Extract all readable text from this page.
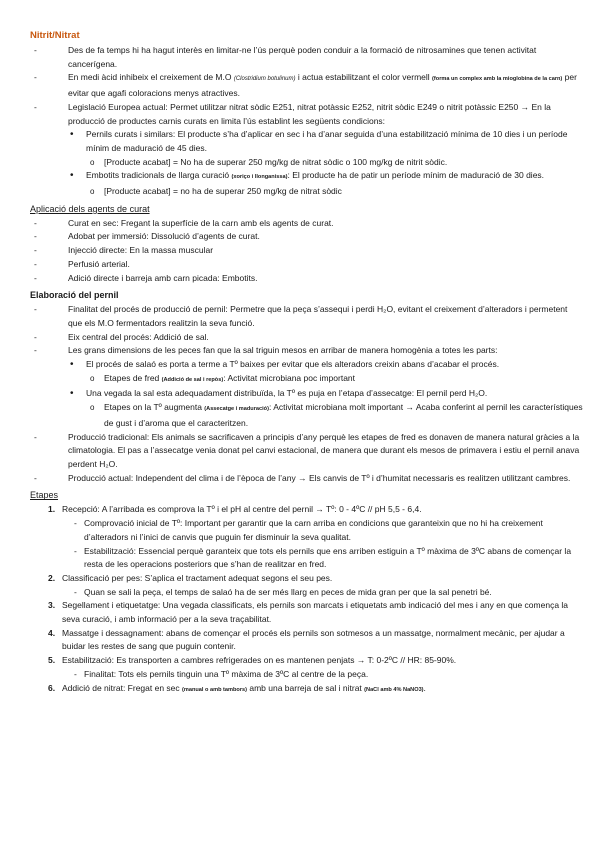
Nitrit/Nitrat
-	Des de fa temps hi ha hagut interès en limitar-ne l’ús perquè poden conduir a la formació de nitrosamines que tenen activitat cancerígena.
-	En medi àcid inhibeix el creixement de M.O (Clostridium botulinum) i actua estabilitzant el color vermell (forma un complex amb la mioglobina de la carn) per evitar que agafi coloracions menys atractives.
-	Legislació Europea actual: Permet utilitzar nitrat sòdic E251, nitrat potàssic E252, nitrit sòdic E249 o nitrit potàssic E250 → En la producció de productes carnis curats en limita l’ús establint les següents condicions:
• Pernils curats i similars: El producte s’ha d’aplicar en sec i ha d’anar seguida d’una estabilització mínima de 10 dies i un període mínim de maduració de 45 dies.
o [Producte acabat] = No ha de superar 250 mg/kg de nitrat sòdic o 100 mg/kg de nitrit sòdic.
• Embotits tradicionals de llarga curació (xoriço i llonganissa): El producte ha de patir un període mínim de maduració de 30 dies.
o [Producte acabat] = no ha de superar 250 mg/kg de nitrat sòdic
Aplicació dels agents de curat
-	Curat en sec: Fregant la superfície de la carn amb els agents de curat.
-	Adobat per immersió: Dissolució d’agents de curat.
-	Injecció directe: En la massa muscular
-	Perfusió arterial.
-	Adició directe i barreja amb carn picada: Embotits.
Elaboració del pernil
-	Finalitat del procés de producció de pernil: Permetre que la peça s’assequi i perdi H₂O, evitant el creixement d’alteradors i permetent que els M.O fermentadors realitzin la seva funció.
-	Eix central del procés: Addició de sal.
-	Les grans dimensions de les peces fan que la sal triguin mesos en arribar de manera homogènia a totes les parts:
• El procés de salaó es porta a terme a Tº baixes per evitar que els alteradors creixin abans d’acabar el procés.
o Etapes de fred (Addició de sal i repòs): Activitat microbiana poc important
• Una vegada la sal esta adequadament distribuïda, la Tº es puja en l’etapa d’assecatge: El pernil perd H₂O.
o Etapes on la Tº augmenta (Assecatge i maduració): Activitat microbiana molt important → Acaba conferint al pernil les característiques de gust i d’aroma que el caracteritzen.
-	Producció tradicional: Els animals se sacrificaven a principis d’any perquè les etapes de fred es donaven de manera natural gràcies a la climatologia. El pas a l’assecatge venia donat pel canvi estacional, de manera que durant els mesos de primavera i estiu el pernil anava perdent H₂O.
-	Producció actual: Independent del clima i de l’època de l’any → Els canvis de Tº i d’humitat necessaris es realitzen utilitzant cambres.
Etapes
1. Recepció: A l’arribada es comprova la Tº i el pH al centre del pernil → Tº: 0 - 4ºC // pH 5,5 - 6,4.
- Comprovació inicial de Tº: Important per garantir que la carn arriba en condicions que garanteixin que no hi ha creixement d’alteradors ni l’inici de canvis que puguin fer disminuir la seva qualitat.
- Estabilització: Essencial perquè garanteix que tots els pernils que ens arriben estiguin a Tº màxima de 3ºC abans de començar la resta de les operacions posteriors que s’han de realitzar en fred.
2. Classificació per pes: S’aplica el tractament adequat segons el seu pes.
- Quan se sali la peça, el temps de salaó ha de ser més llarg en peces de mida gran per que la sal penetri bé.
3. Segellament i etiquetatge: Una vegada classificats, els pernils son marcats i etiquetats amb indicació del mes i any en que comença la seva curació, i amb informació per a la seva traçabilitat.
4. Massatge i dessagnament: abans de començar el procés els pernils son sotmesos a un massatge, normalment mecànic, per ajudar a buidar les restes de sang que puguin contenir.
5. Estabilització: Es transporten a cambres refrigerades on es mantenen penjats → T: 0-2ºC // HR: 85-90%.
- Finalitat: Tots els pernils tinguin una Tº màxima de 3ºC al centre de la peça.
6. Addició de nitrat: Fregat en sec (manual o amb tambors) amb una barreja de sal i nitrat (NaCl amb 4% NaNO3).
